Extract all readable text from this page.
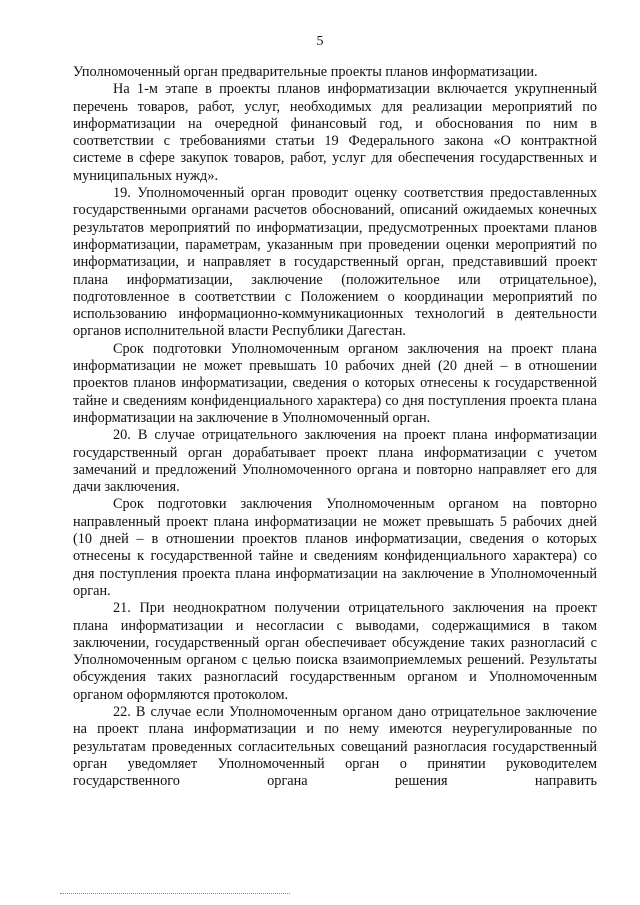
5

Уполномоченный орган предварительные проекты планов информатизации.

На 1-м этапе в проекты планов информатизации включается укрупненный перечень товаров, работ, услуг, необходимых для реализации мероприятий по информатизации на очередной финансовый год, и обоснования по ним в соответствии с требованиями статьи 19 Федерального закона «О контрактной системе в сфере закупок товаров, работ, услуг для обеспечения государственных и муниципальных нужд».

19. Уполномоченный орган проводит оценку соответствия предоставленных государственными органами расчетов обоснований, описаний ожидаемых конечных результатов мероприятий по информатизации, предусмотренных проектами планов информатизации, параметрам, указанным при проведении оценки мероприятий по информатизации, и направляет в государственный орган, представивший проект плана информатизации, заключение (положительное или отрицательное), подготовленное в соответствии с Положением о координации мероприятий по использованию информационно-коммуникационных технологий в деятельности органов исполнительной власти Республики Дагестан.

Срок подготовки Уполномоченным органом заключения на проект плана информатизации не может превышать 10 рабочих дней (20 дней – в отношении проектов планов информатизации, сведения о которых отнесены к государственной тайне и сведениям конфиденциального характера) со дня поступления проекта плана информатизации на заключение в Уполномоченный орган.

20. В случае отрицательного заключения на проект плана информатизации государственный орган дорабатывает проект плана информатизации с учетом замечаний и предложений Уполномоченного органа и повторно направляет его для дачи заключения.

Срок подготовки заключения Уполномоченным органом на повторно направленный проект плана информатизации не может превышать 5 рабочих дней (10 дней – в отношении проектов планов информатизации, сведения о которых отнесены к государственной тайне и сведениям конфиденциального характера) со дня поступления проекта плана информатизации на заключение в Уполномоченный орган.

21. При неоднократном получении отрицательного заключения на проект плана информатизации и несогласии с выводами, содержащимися в таком заключении, государственный орган обеспечивает обсуждение таких разногласий с Уполномоченным органом с целью поиска взаимоприемлемых решений. Результаты обсуждения таких разногласий государственным органом и Уполномоченным органом оформляются протоколом.

22. В случае если Уполномоченным органом дано отрицательное заключение на проект плана информатизации и по нему имеются неурегулированные по результатам проведенных согласительных совещаний разногласия государственный орган уведомляет Уполномоченный орган о принятии руководителем государственного органа решения направить
